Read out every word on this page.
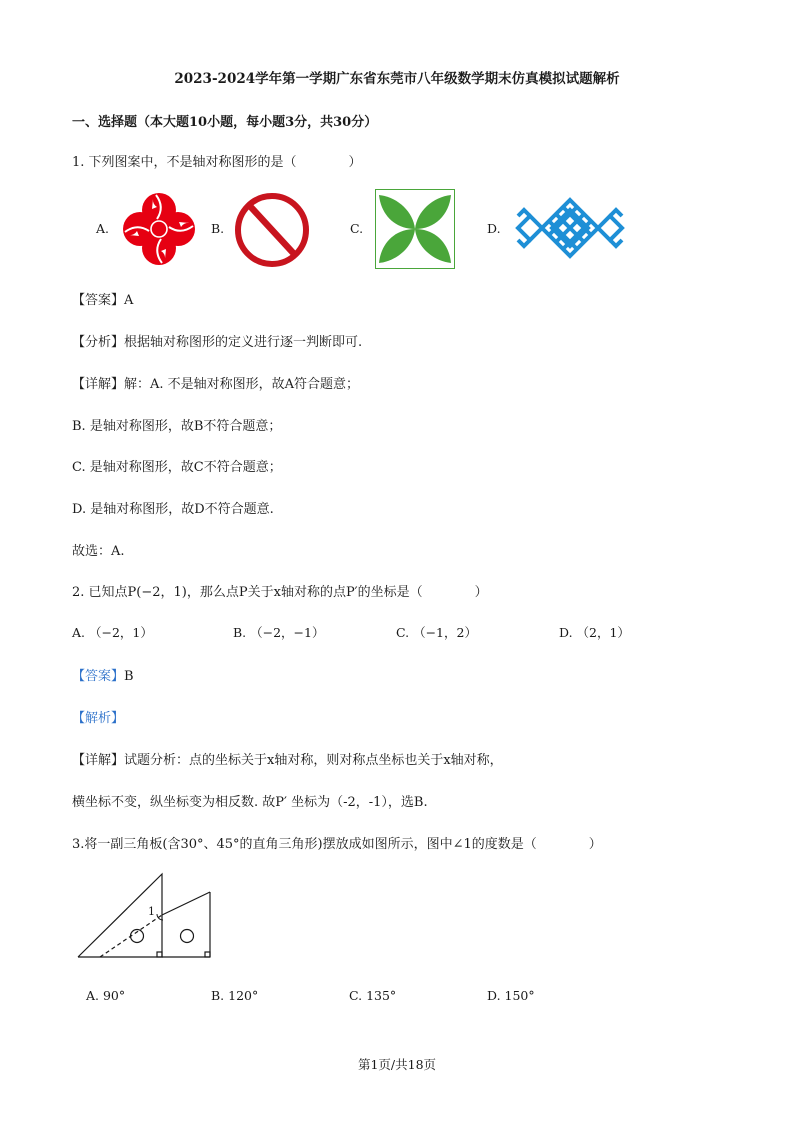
2023-2024学年第一学期广东省东莞市八年级数学期末仿真模拟试题解析
一、选择题（本大题10小题，每小题3分，共30分）
1. 下列图案中，不是轴对称图形的是（　　　　）
A.	B.	C.	D.
【答案】A
【分析】根据轴对称图形的定义进行逐一判断即可.
【详解】解：A. 不是轴对称图形，故A符合题意；
B. 是轴对称图形，故B不符合题意；
C. 是轴对称图形，故C不符合题意；
D. 是轴对称图形，故D不符合题意.
故选：A.
2. 已知点P(−2，1)，那么点P关于x轴对称的点P′的坐标是（　　　　）
A. （−2，1）	B. （−2，−1）	C. （−1，2）	D. （2，1）
【答案】B
【解析】
【详解】试题分析：点的坐标关于x轴对称，则对称点坐标也关于x轴对称，
横坐标不变，纵坐标变为相反数. 故P′ 坐标为（-2，-1），选B.
3.将一副三角板(含30°、45°的直角三角形)摆放成如图所示，图中∠1的度数是（　　　　）
1
A. 90°	B. 120°	C. 135°	D. 150°
第1页/共18页
